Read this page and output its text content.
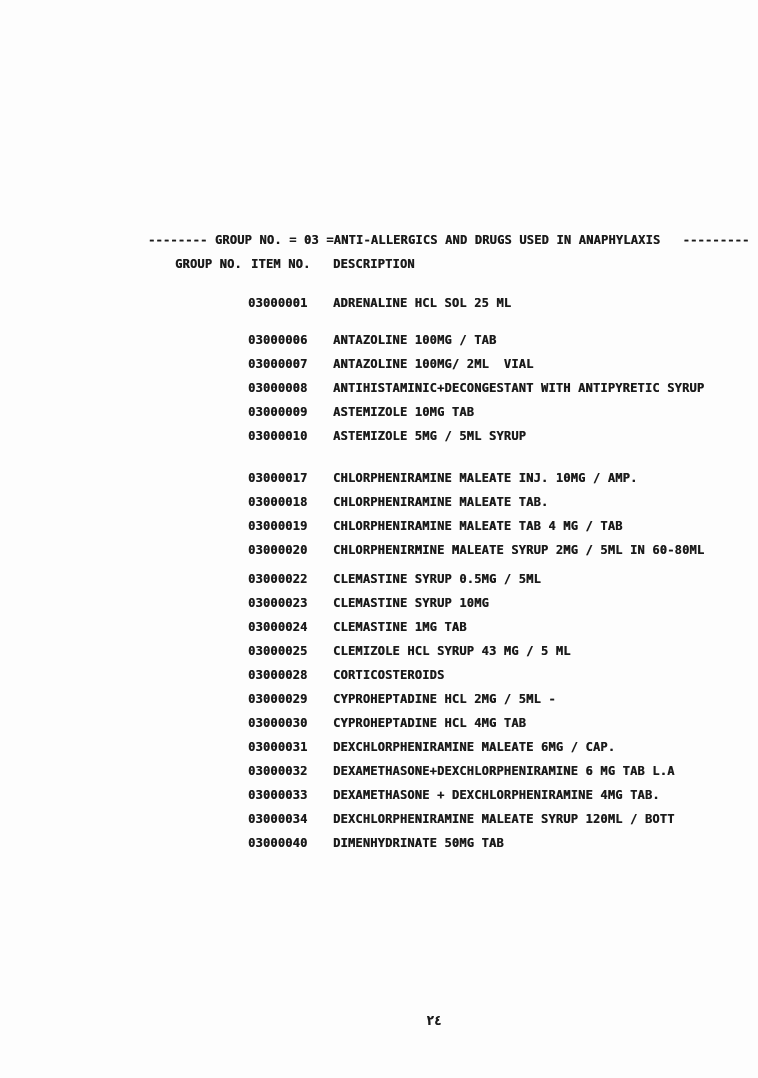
-------- GROUP NO. = 03 =ANTI-ALLERGICS AND DRUGS USED IN ANAPHYLAXIS   ---------
GROUP NO. ITEM NO. DESCRIPTION
03000001 ADRENALINE HCL SOL 25 ML
03000006 ANTAZOLINE 100MG / TAB
03000007 ANTAZOLINE 100MG/ 2ML  VIAL
03000008 ANTIHISTAMINIC+DECONGESTANT WITH ANTIPYRETIC SYRUP
03000009 ASTEMIZOLE 10MG TAB
03000010 ASTEMIZOLE 5MG / 5ML SYRUP
03000017 CHLORPHENIRAMINE MALEATE INJ. 10MG / AMP.
03000018 CHLORPHENIRAMINE MALEATE TAB.
03000019 CHLORPHENIRAMINE MALEATE TAB 4 MG / TAB
03000020 CHLORPHENIRMINE MALEATE SYRUP 2MG / 5ML IN 60-80ML
03000022 CLEMASTINE SYRUP 0.5MG / 5ML
03000023 CLEMASTINE SYRUP 10MG
03000024 CLEMASTINE 1MG TAB
03000025 CLEMIZOLE HCL SYRUP 43 MG / 5 ML
03000028 CORTICOSTEROIDS
03000029 CYPROHEPTADINE HCL 2MG / 5ML -
03000030 CYPROHEPTADINE HCL 4MG TAB
03000031 DEXCHLORPHENIRAMINE MALEATE 6MG / CAP.
03000032 DEXAMETHASONE+DEXCHLORPHENIRAMINE 6 MG TAB L.A
03000033 DEXAMETHASONE + DEXCHLORPHENIRAMINE 4MG TAB.
03000034 DEXCHLORPHENIRAMINE MALEATE SYRUP 120ML / BOTT
03000040 DIMENHYDRINATE 50MG TAB
٢٤
